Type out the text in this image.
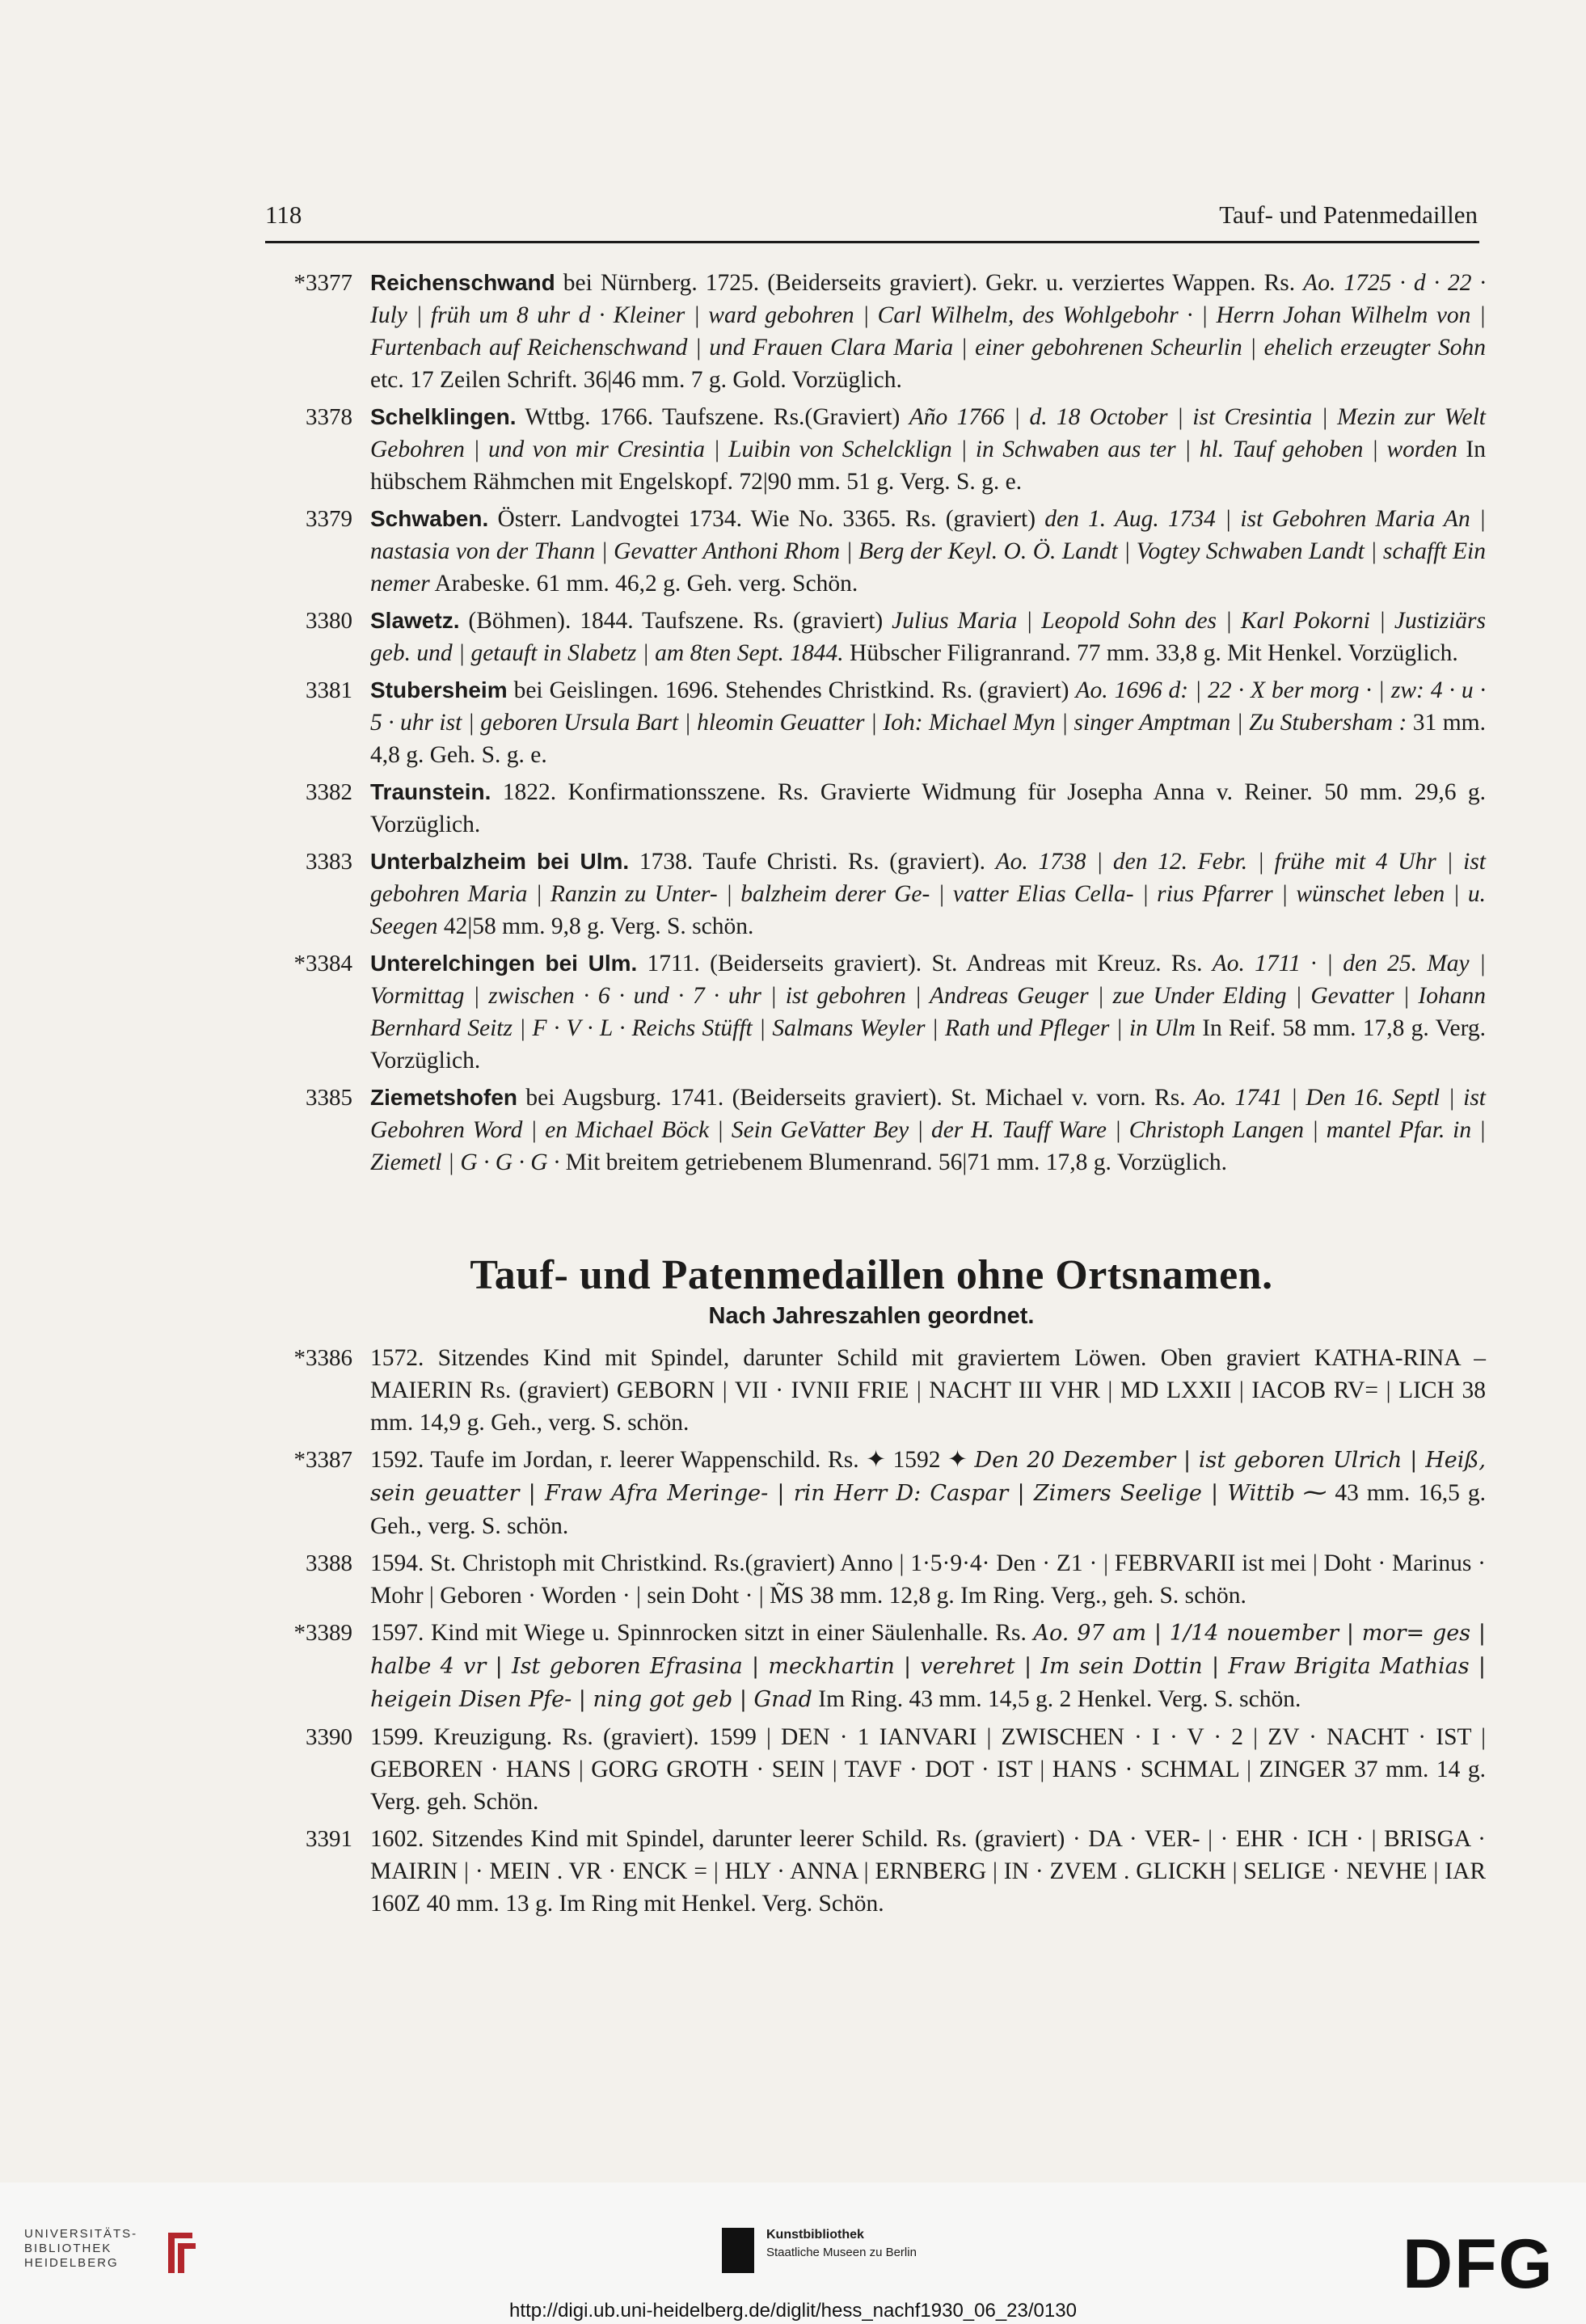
118	Tauf- und Patenmedaillen
*3377 Reichenschwand bei Nürnberg. 1725. (Beiderseits graviert). Gekr. u. verziertes Wappen. Rs. Ao. 1725 · d · 22 · Iuly | früh um 8 uhr d · Kleiner | ward gebohren | Carl Wilhelm, des Wohlgebohr · | Herrn Johan Wilhelm von | Furtenbach auf Reichenschwand | und Frauen Clara Maria | einer gebohrenen Scheurlin | ehelich erzeugter Sohn etc. 17 Zeilen Schrift. 36|46 mm. 7 g. Gold. Vorzüglich.
3378 Schelklingen. Wttbg. 1766. Taufszene. Rs.(Graviert) Año 1766 | d. 18 October | ist Cresintia | Mezin zur Welt Gebohren | und von mir Cresintia | Luibin von Schelcklign | in Schwaben aus ter | hl. Tauf gehoben | worden In hübschem Rähmchen mit Engelskopf. 72|90 mm. 51 g. Verg. S. g. e.
3379 Schwaben. Österr. Landvogtei 1734. Wie No. 3365. Rs. (graviert) den 1. Aug. 1734 | ist Gebohren Maria An | nastasia von der Thann | Gevatter Anthoni Rhom | Berg der Keyl. O. Ö. Landt | Vogtey Schwaben Landt | schafft Ein nemer Arabeske. 61 mm. 46,2 g. Geh. verg. Schön.
3380 Slawetz. (Böhmen). 1844. Taufszene. Rs. (graviert) Julius Maria | Leopold Sohn des | Karl Pokorni | Justiziärs geb. und | getauft in Slabetz | am 8ten Sept. 1844. Hübscher Filigranrand. 77 mm. 33,8 g. Mit Henkel. Vorzüglich.
3381 Stubersheim bei Geislingen. 1696. Stehendes Christkind. Rs. (graviert) Ao. 1696 d: | 22 · X ber morg · | zw: 4 · u · 5 · uhr ist | geboren Ursula Bart | hleomin Geuatter | Ioh: Michael Myn | singer Amptman | Zu Stubersham : 31 mm. 4,8 g. Geh. S. g. e.
3382 Traunstein. 1822. Konfirmationsszene. Rs. Gravierte Widmung für Josepha Anna v. Reiner. 50 mm. 29,6 g. Vorzüglich.
3383 Unterbalzheim bei Ulm. 1738. Taufe Christi. Rs. (graviert). Ao. 1738 | den 12. Febr. | frühe mit 4 Uhr | ist gebohren Maria | Ranzin zu Unter- | balzheim derer Ge- | vatter Elias Cella- | rius Pfarrer | wünschet leben | u. Seegen 42|58 mm. 9,8 g. Verg. S. schön.
*3384 Unterelchingen bei Ulm. 1711. (Beiderseits graviert). St. Andreas mit Kreuz. Rs. Ao. 1711 · | den 25. May | Vormittag | zwischen · 6 · und · 7 · uhr | ist gebohren | Andreas Geuger | zue Under Elding | Gevatter | Iohann Bernhard Seitz | F · V · L · Reichs Stüfft | Salmans Weyler | Rath und Pfleger | in Ulm In Reif. 58 mm. 17,8 g. Verg. Vorzüglich.
3385 Ziemetshofen bei Augsburg. 1741. (Beiderseits graviert). St. Michael v. vorn. Rs. Ao. 1741 | Den 16. Septl | ist Gebohren Word | en Michael Böck | Sein GeVatter Bey | der H. Tauff Ware | Christoph Langen | mantel Pfar. in | Ziemetl | G · G · G · Mit breitem getriebenem Blumenrand. 56|71 mm. 17,8 g. Vorzüglich.
Tauf- und Patenmedaillen ohne Ortsnamen.
Nach Jahreszahlen geordnet.
*3386 1572. Sitzendes Kind mit Spindel, darunter Schild mit graviertem Löwen. Oben graviert KATHA-RINA – MAIERIN Rs. (graviert) GEBORN | VII · IVNII FRIE | NACHT III VHR | MD LXXII | IACOB RV= | LICH 38 mm. 14,9 g. Geh., verg. S. schön.
*3387 1592. Taufe im Jordan, r. leerer Wappenschild. Rs. ✦ 1592 ✦ Den 20 Dezember | ist geboren Ulrich | Heiß, sein geuatter | Fraw Afra Meringe- | rin Herr D: Caspar | Zimers Seelige | Wittib ⁓ 43 mm. 16,5 g. Geh., verg. S. schön.
3388 1594. St. Christoph mit Christkind. Rs.(graviert) Anno | 1·5·9·4· Den · Z1 · | FEBRVARII ist mei | Doht · Marinus · Mohr | Geboren · Worden · | sein Doht · | M̃S 38 mm. 12,8 g. Im Ring. Verg., geh. S. schön.
*3389 1597. Kind mit Wiege u. Spinnrocken sitzt in einer Säulenhalle. Rs. Ao. 97 am | 1/14 nouember | mor= ges | halbe 4 vr | Ist geboren Efrasina | meckhartin | verehret | Im sein Dottin | Fraw Brigita Mathias | heigein Disen Pfe- | ning got geb | Gnad Im Ring. 43 mm. 14,5 g. 2 Henkel. Verg. S. schön.
3390 1599. Kreuzigung. Rs. (graviert). 1599 | DEN · 1 IANVARI | ZWISCHEN · I · V · 2 | ZV · NACHT · IST | GEBOREN · HANS | GORG GROTH · SEIN | TAVF · DOT · IST | HANS · SCHMAL | ZINGER 37 mm. 14 g. Verg. geh. Schön.
3391 1602. Sitzendes Kind mit Spindel, darunter leerer Schild. Rs. (graviert) · DA · VER- | · EHR · ICH · | BRISGA · MAIRIN | · MEIN . VR · ENCK = | HLY · ANNA | ERNBERG | IN · ZVEM . GLICKH | SELIGE · NEVHE | IAR 160Z 40 mm. 13 g. Im Ring mit Henkel. Verg. Schön.
UNIVERSITÄTS-
BIBLIOTHEK
HEIDELBERG
Kunstbibliothek
Staatliche Museen zu Berlin	DFG
http://digi.ub.uni-heidelberg.de/diglit/hess_nachf1930_06_23/0130
